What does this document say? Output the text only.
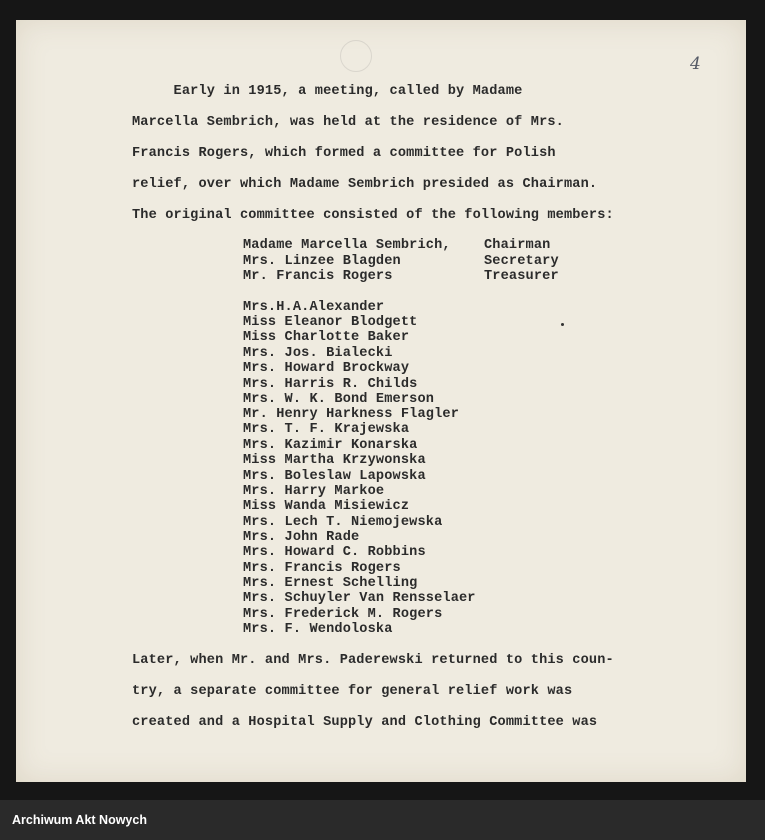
4

Early in 1915, a meeting, called by Madame

Marcella Sembrich, was held at the residence of Mrs.

Francis Rogers, which formed a committee for Polish

relief, over which Madame Sembrich presided as Chairman.

The original committee consisted of the following members:

Madame Marcella Sembrich,

Chairman

Mrs. Linzee Blagden

	Secretary

Mr. Francis Rogers

	Treasurer

Mrs.H.A.Alexander

Miss Eleanor Blodgett

Miss Charlotte Baker

Mrs. Jos. Bialecki

Mrs. Howard Brockway

Mrs. Harris R. Childs

Mrs. W. K. Bond Emerson

Mr. Henry Harkness Flagler

Mrs. T. F. Krajewska

Mrs. Kazimir Konarska

Miss Martha Krzywonska

Mrs. Boleslaw Lapowska

Mrs. Harry Markoe

Miss Wanda Misiewicz

Mrs. Lech T. Niemojewska

Mrs. John Rade

Mrs. Howard C. Robbins

Mrs. Francis Rogers

Mrs. Ernest Schelling

Mrs. Schuyler Van Rensselaer

Mrs. Frederick M. Rogers

Mrs. F. Wendoloska

Later, when Mr. and Mrs. Paderewski returned to this coun-

try, a separate committee for general relief work was

created and a Hospital Supply and Clothing Committee was

Archiwum Akt Nowych
